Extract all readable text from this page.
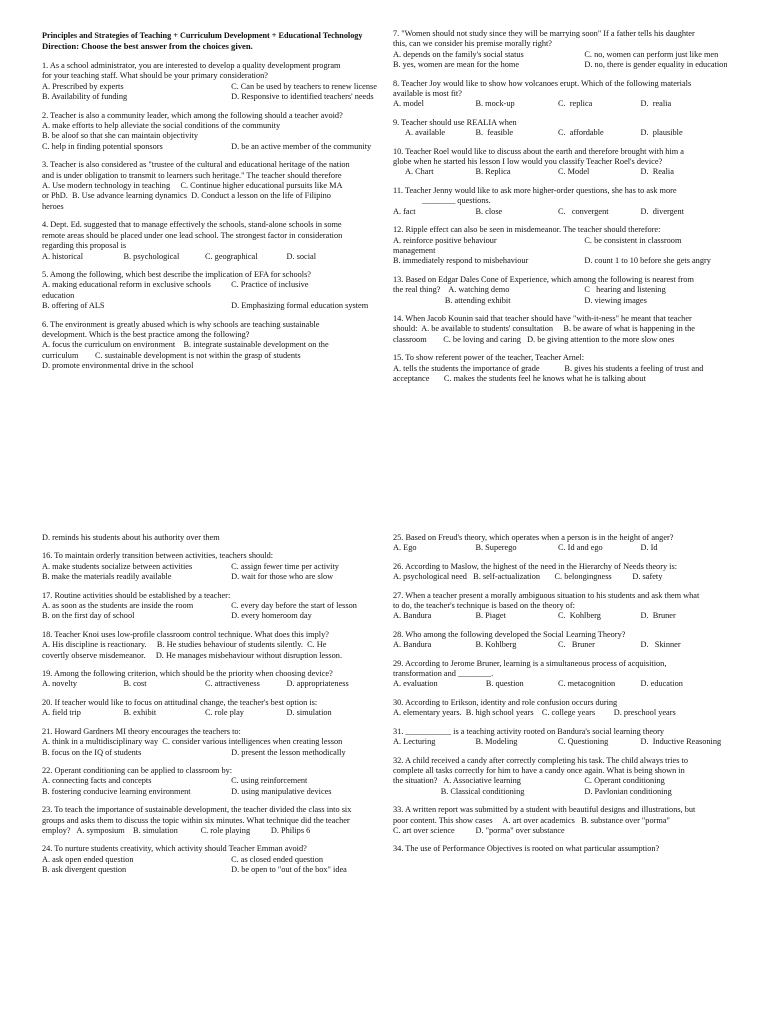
Principles and Strategies of Teaching + Curriculum Development + Educational Technology
Direction: Choose the best answer from the choices given.
1. As a school administrator, you are interested to develop a quality development program
for your teaching staff. What should be your primary consideration?
A. Prescribed by experts	C. Can be used by teachers to renew license
B. Availability of funding	D. Responsive to identified teachers' needs
2. Teacher is also a community leader, which among the following should a teacher avoid?
A. make efforts to help alleviate the social conditions of the community
B. be aloof so that she can maintain objectivity
C. help in finding potential sponsors	D. be an active member of the community
3. Teacher is also considered as "trustee of the cultural and educational heritage of the nation
and is under obligation to transmit to learners such heritage." The teacher should therefore
A. Use modern technology in teaching     C. Continue higher educational pursuits like MA
or PhD.  B. Use advance learning dynamics  D. Conduct a lesson on the life of Filipino
heroes
4. Dept. Ed. suggested that to manage effectively the schools, stand-alone schools in some
remote areas should be placed under one lead school. The strongest factor in consideration
regarding this proposal is
A. historical	B. psychological	C. geographical	D. social
5. Among the following, which best describe the implication of EFA for schools?
A. making educational reform in exclusive schools	C. Practice of inclusive
education
B. offering of ALS	D. Emphasizing formal education system
6. The environment is greatly abused which is why schools are teaching sustainable
development. Which is the best practice among the following?
A. focus the curriculum on environment    B. integrate sustainable development on the
curriculum        C. sustainable development is not within the grasp of students
D. promote environmental drive in the school
7. "Women should not study since they will be marrying soon" If a father tells his daughter
this, can we consider his premise morally right?
A. depends on the family's social status	C. no, women can perform just like men
B. yes, women are mean for the home	D. no, there is gender equality in education
8. Teacher Joy would like to show how volcanoes erupt. Which of the following materials
available is most fit?
A. model	B. mock-up	C.  replica	D.  realia
9. Teacher should use REALIA when
A. available	B.  feasible	C.  affordable	D.  plausible
10. Teacher Roel would like to discuss about the earth and therefore brought with him a
globe when he started his lesson I low would you classify Teacher Roel's device?
A. Chart	B. Replica	C. Model	D.  Realia
11. Teacher Jenny would like to ask more higher-order questions, she has to ask more
________ questions.
A. fact	B. close	C.   convergent	D.  divergent
12. Ripple effect can also be seen in misdemeanor. The teacher should therefore:
A. reinforce positive behaviour	C. be consistent in classroom
management
B. immediately respond to misbehaviour	D. count 1 to 10 before she gets angry
13. Based on Edgar Dales Cone of Experience, which among the following is nearest from
the real thing?    A. watching demo	C   hearing and listening
B. attending exhibit	D. viewing images
14. When Jacob Kounin said that teacher should have "with-it-ness" he meant that teacher
should:  A. be available to students' consultation     B. be aware of what is happening in the
classroom        C. be loving and caring   D. be giving attention to the more slow ones
15. To show referent power of the teacher, Teacher Arnel:
A. tells the students the importance of grade            B. gives his students a feeling of trust and
acceptance       C. makes the students feel he knows what he is talking about
D. reminds his students about his authority over them
16. To maintain orderly transition between activities, teachers should:
A. make students socialize between activities	C. assign fewer time per activity
B. make the materials readily available	D. wait for those who are slow
17. Routine activities should be established by a teacher:
A. as soon as the students are inside the room	C. every day before the start of lesson
B. on the first day of school	D. every homeroom day
18. Teacher Knoi uses low-profile classroom control technique. What does this imply?
A. His discipline is reactionary.     B. He studies behaviour of students silently.  C. He
covertly observe misdemeanor.     D. He manages misbehaviour without disruption lesson.
19. Among the following criterion, which should be the priority when choosing device?
A. novelty	B. cost	C. attractiveness	D. appropriateness
20. If teacher would like to focus on attitudinal change, the teacher's best option is:
A. field trip	B. exhibit	C. role play	D. simulation
21. Howard Gardners MI theory encourages the teachers to:
A. think in a multidisciplinary way  C. consider various intelligences when creating lesson
B. focus on the IQ of students	D. present the lesson methodically
22. Operant conditioning can be applied to classroom by:
A. connecting facts and concepts	C. using reinforcement
B. fostering conducive learning environment	D. using manipulative devices
23. To teach the importance of sustainable development, the teacher divided the class into six
groups and asks them to discuss the topic within six minutes. What technique did the teacher
employ?   A. symposium    B. simulation           C. role playing          D. Philips 6
24. To nurture students creativity, which activity should Teacher Emman avoid?
A. ask open ended question	C. as closed ended question
B. ask divergent question	D. be open to "out of the box" idea
25. Based on Freud's theory, which operates when a person is in the height of anger?
A. Ego	B. Superego	C. Id and ego	D. Id
26. According to Maslow, the highest of the need in the Hierarchy of Needs theory is:
A. psychological need   B. self-actualization       C. belongingness          D. safety
27. When a teacher present a morally ambiguous situation to his students and ask them what
to do, the teacher's technique is based on the theory of:
A. Bandura	B. Piaget	C.  Kohlberg	D.  Bruner
28. Who among the following developed the Social Learning Theory?
A. Bandura	B. Kohlberg	C.   Bruner	D.   Skinner
29. According to Jerome Bruner, learning is a simultaneous process of acquisition,
transformation and ________.
A. evaluation	B. question	C. metacognition	D. education
30. According to Erikson, identity and role confusion occurs during
A. elementary years.  B. high school years    C. college years         D. preschool years
31. ___________ is a teaching activity rooted on Bandura's social learning theory
A. Lecturing	B. Modeling	C. Questioning	D.  Inductive Reasoning
32. A child received a candy after correctly completing his task. The child always tries to
complete all tasks correctly for him to have a candy once again. What is being shown in
the situation?   A. Associative learning	C. Operant conditioning
B. Classical conditioning	D. Pavlonian conditioning
33. A written report was submitted by a student with beautiful designs and illustrations, but
poor content. This show cases     A. art over academics   B. substance over "porma"
C. art over science          D. "porma" over substance
34. The use of Performance Objectives is rooted on what particular assumption?
